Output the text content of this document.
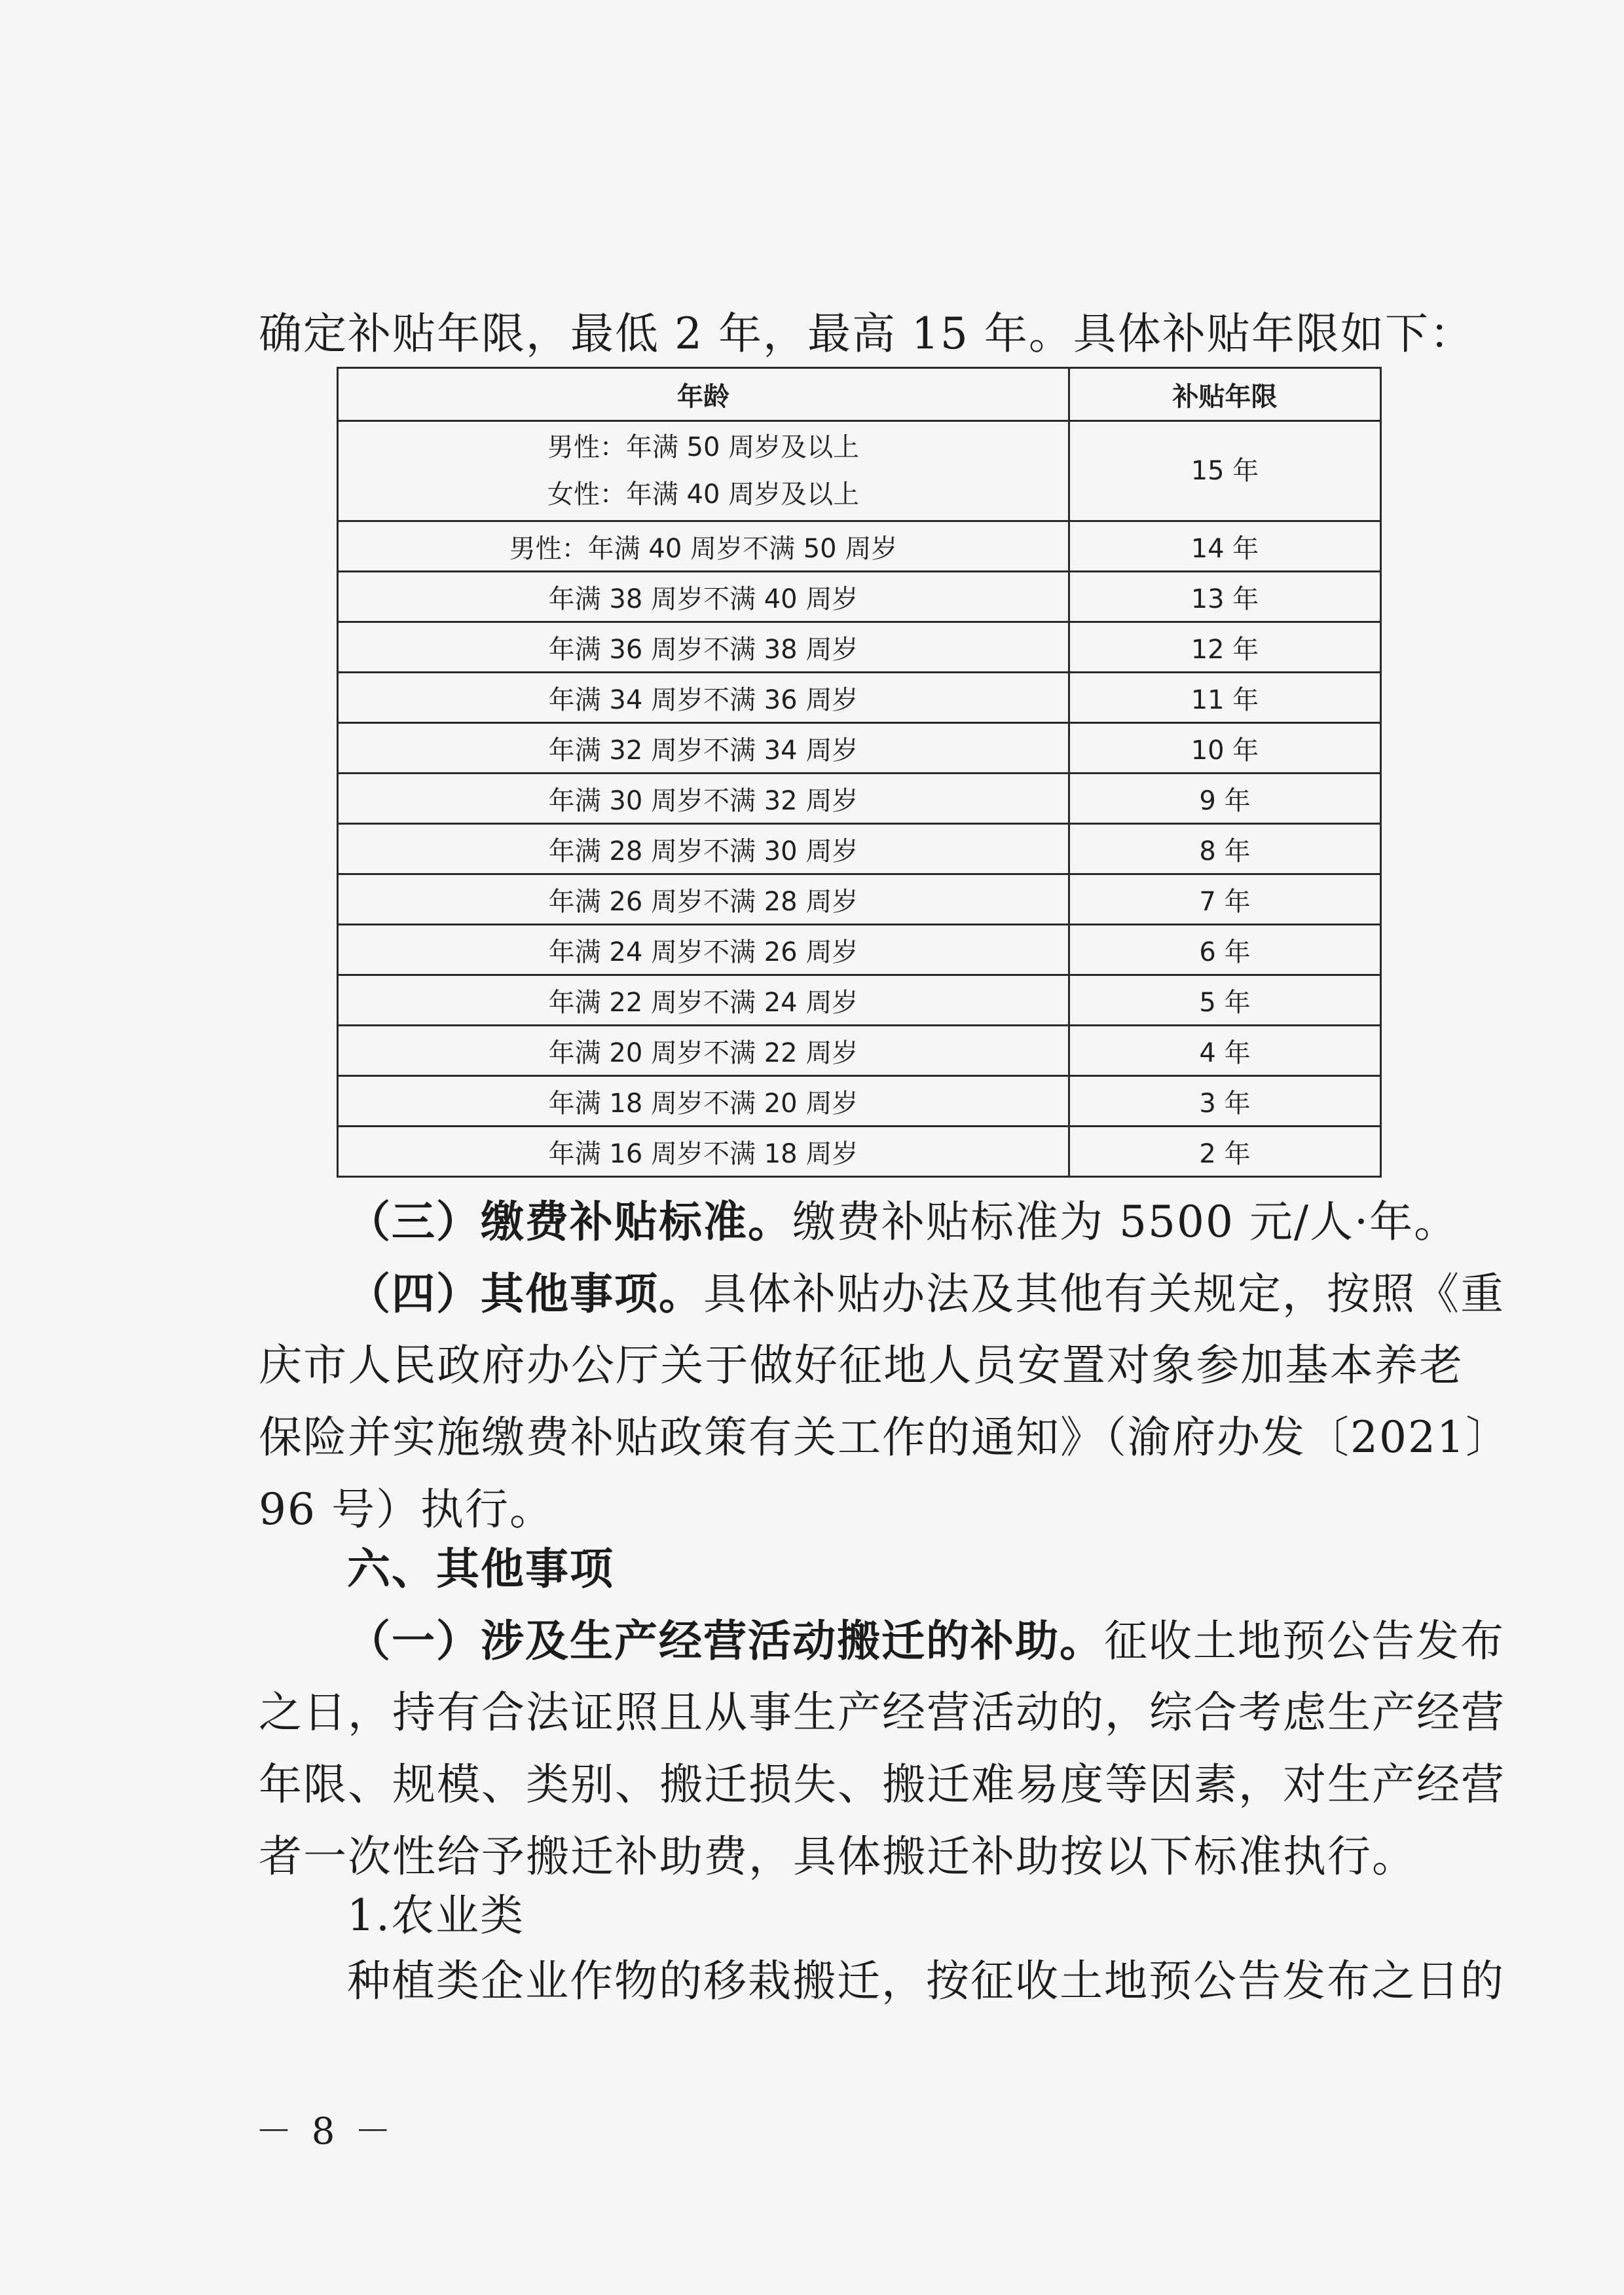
确定补贴年限，最低 2 年，最高 15 年。具体补贴年限如下：
年龄	补贴年限

男性：年满 50 周岁及以上
女性：年满 40 周岁及以上	15 年
男性：年满 40 周岁不满 50 周岁	14 年
年满 38 周岁不满 40 周岁	13 年
年满 36 周岁不满 38 周岁	12 年
年满 34 周岁不满 36 周岁	11 年
年满 32 周岁不满 34 周岁	10 年
年满 30 周岁不满 32 周岁	9 年
年满 28 周岁不满 30 周岁	8 年
年满 26 周岁不满 28 周岁	7 年
年满 24 周岁不满 26 周岁	6 年
年满 22 周岁不满 24 周岁	5 年
年满 20 周岁不满 22 周岁	4 年
年满 18 周岁不满 20 周岁	3 年
年满 16 周岁不满 18 周岁	2 年
（三）缴费补贴标准。缴费补贴标准为 5500 元/人·年。
（四）其他事项。具体补贴办法及其他有关规定，按照《重
庆市人民政府办公厅关于做好征地人员安置对象参加基本养老
保险并实施缴费补贴政策有关工作的通知》（渝府办发〔2021〕
96 号）执行。
六、其他事项
（一）涉及生产经营活动搬迁的补助。征收土地预公告发布
之日，持有合法证照且从事生产经营活动的，综合考虑生产经营
年限、规模、类别、搬迁损失、搬迁难易度等因素，对生产经营
者一次性给予搬迁补助费，具体搬迁补助按以下标准执行。
1.农业类
种植类企业作物的移栽搬迁，按征收土地预公告发布之日的
－ 8 －
